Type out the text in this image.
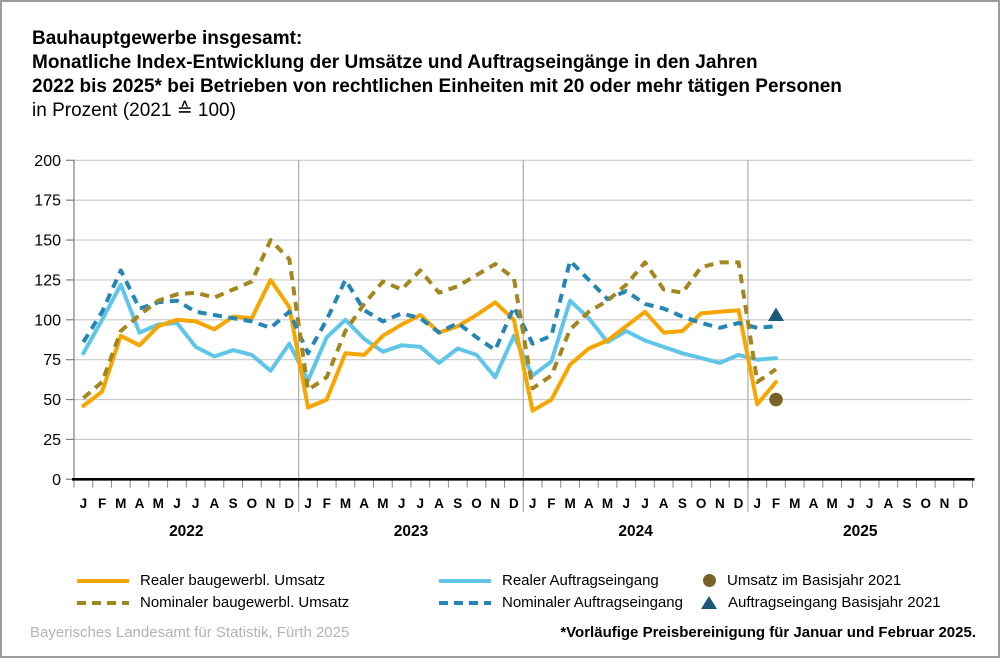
Bauhauptgewerbe insgesamt:
Monatliche Index-Entwicklung der Umsätze und Auftragseingänge in den Jahren
2022 bis 2025* bei Betrieben von rechtlichen Einheiten mit 20 oder mehr tätigen Personen
in Prozent (2021 ≙ 100)
0
25
50
75
100
125
150
175
200
J F M A M J J A S O N D J F M A M J J A S O N D J F M A M J J A S O N D J F M A M J J A S O N D
2022	2023	2024	2025
Realer baugewerbl. Umsatz
Nominaler baugewerbl. Umsatz
Realer Auftragseingang
Nominaler Auftragseingang
Umsatz im Basisjahr 2021
Auftragseingang Basisjahr 2021
Bayerisches Landesamt für Statistik, Fürth 2025	*Vorläufige Preisbereinigung für Januar und Februar 2025.
